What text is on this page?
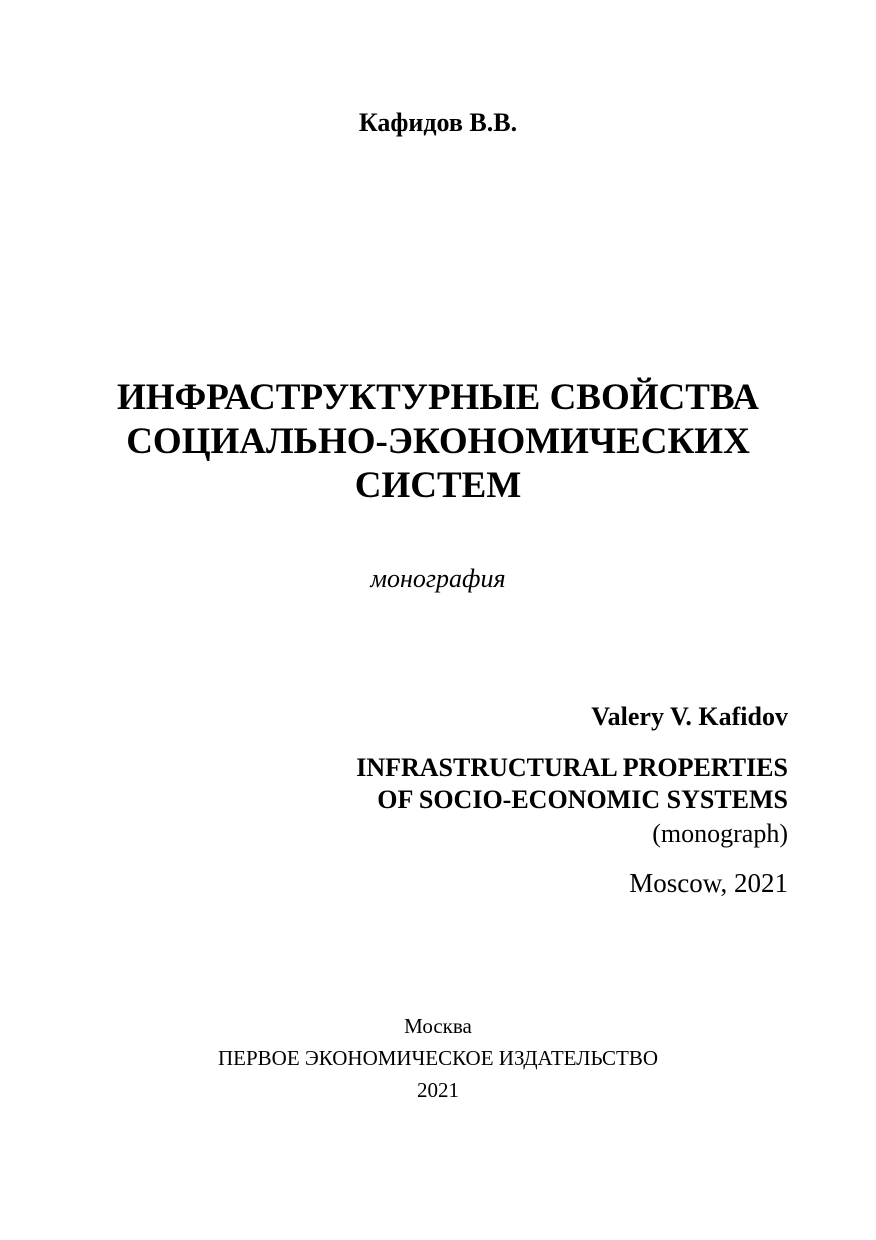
Кафидов В.В.
ИНФРАСТРУКТУРНЫЕ СВОЙСТВА
СОЦИАЛЬНО-ЭКОНОМИЧЕСКИХ
СИСТЕМ
монография
Valery V. Kafidov
INFRASTRUCTURAL PROPERTIES
OF SOCIO-ECONOMIC SYSTEMS
(monograph)
Moscow, 2021
Москва
ПЕРВОЕ ЭКОНОМИЧЕСКОЕ ИЗДАТЕЛЬСТВО
2021
